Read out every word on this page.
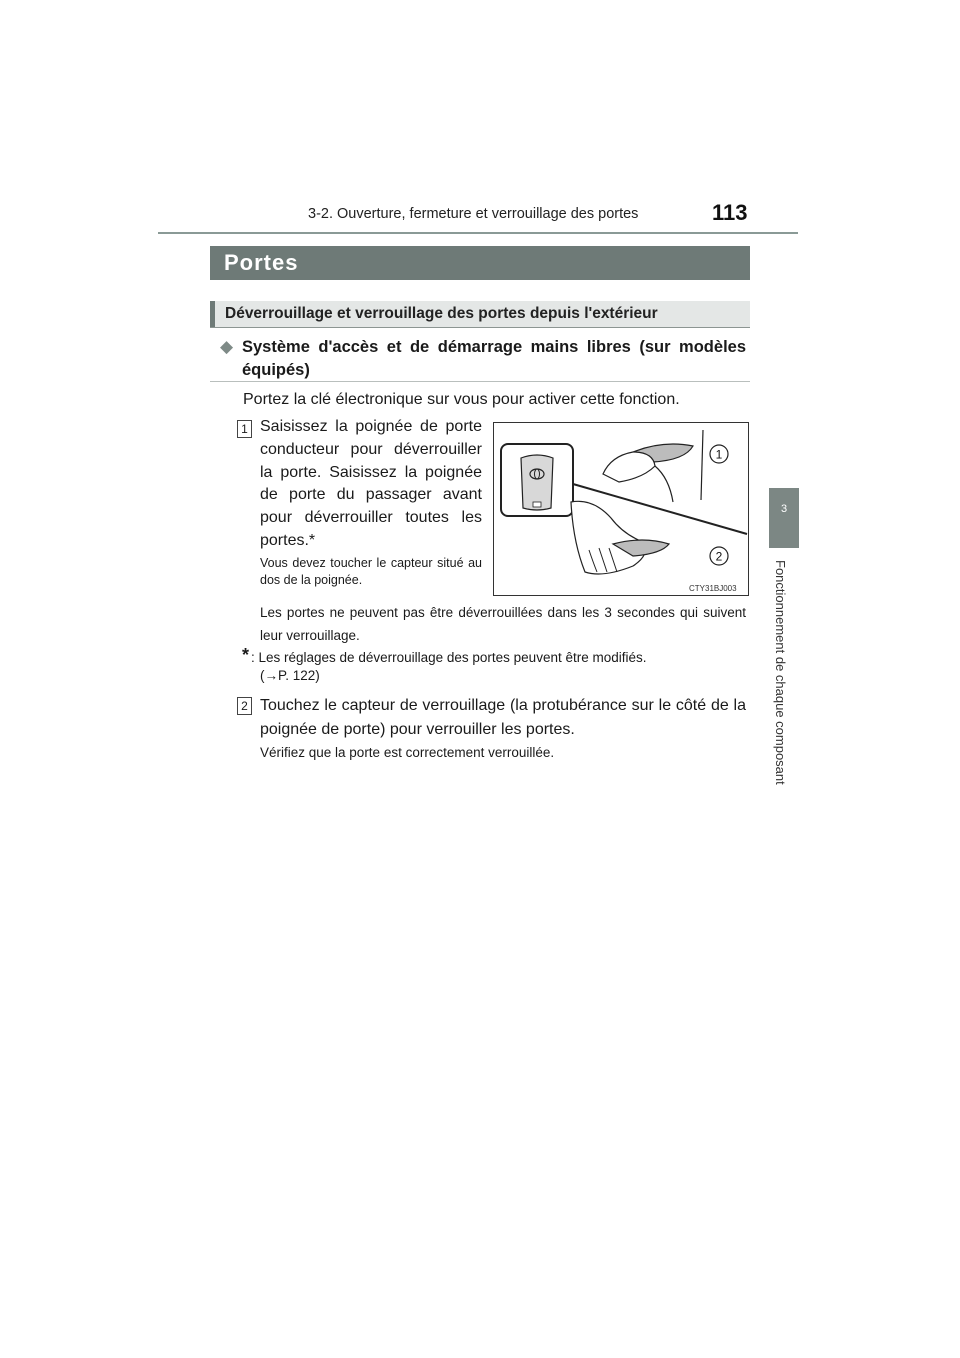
3-2. Ouverture, fermeture et verrouillage des portes	113
3
Fonctionnement de chaque composant
Portes
Déverrouillage et verrouillage des portes depuis l'extérieur
◆ Système d'accès et de démarrage mains libres (sur modèles équipés)
Portez la clé électronique sur vous pour activer cette fonction.
1 Saisissez la poignée de porte conducteur pour déverrouiller la porte. Saisissez la poignée de porte du passager avant pour déverrouiller toutes les portes.*
Vous devez toucher le capteur situé au dos de la poignée.
1
2
CTY31BJ003
Les portes ne peuvent pas être déverrouillées dans les 3 secondes qui suivent leur verrouillage.
* : Les réglages de déverrouillage des portes peuvent être modifiés.
(→P. 122)
2 Touchez le capteur de verrouillage (la protubérance sur le côté de la poignée de porte) pour verrouiller les portes.
Vérifiez que la porte est correctement verrouillée.
